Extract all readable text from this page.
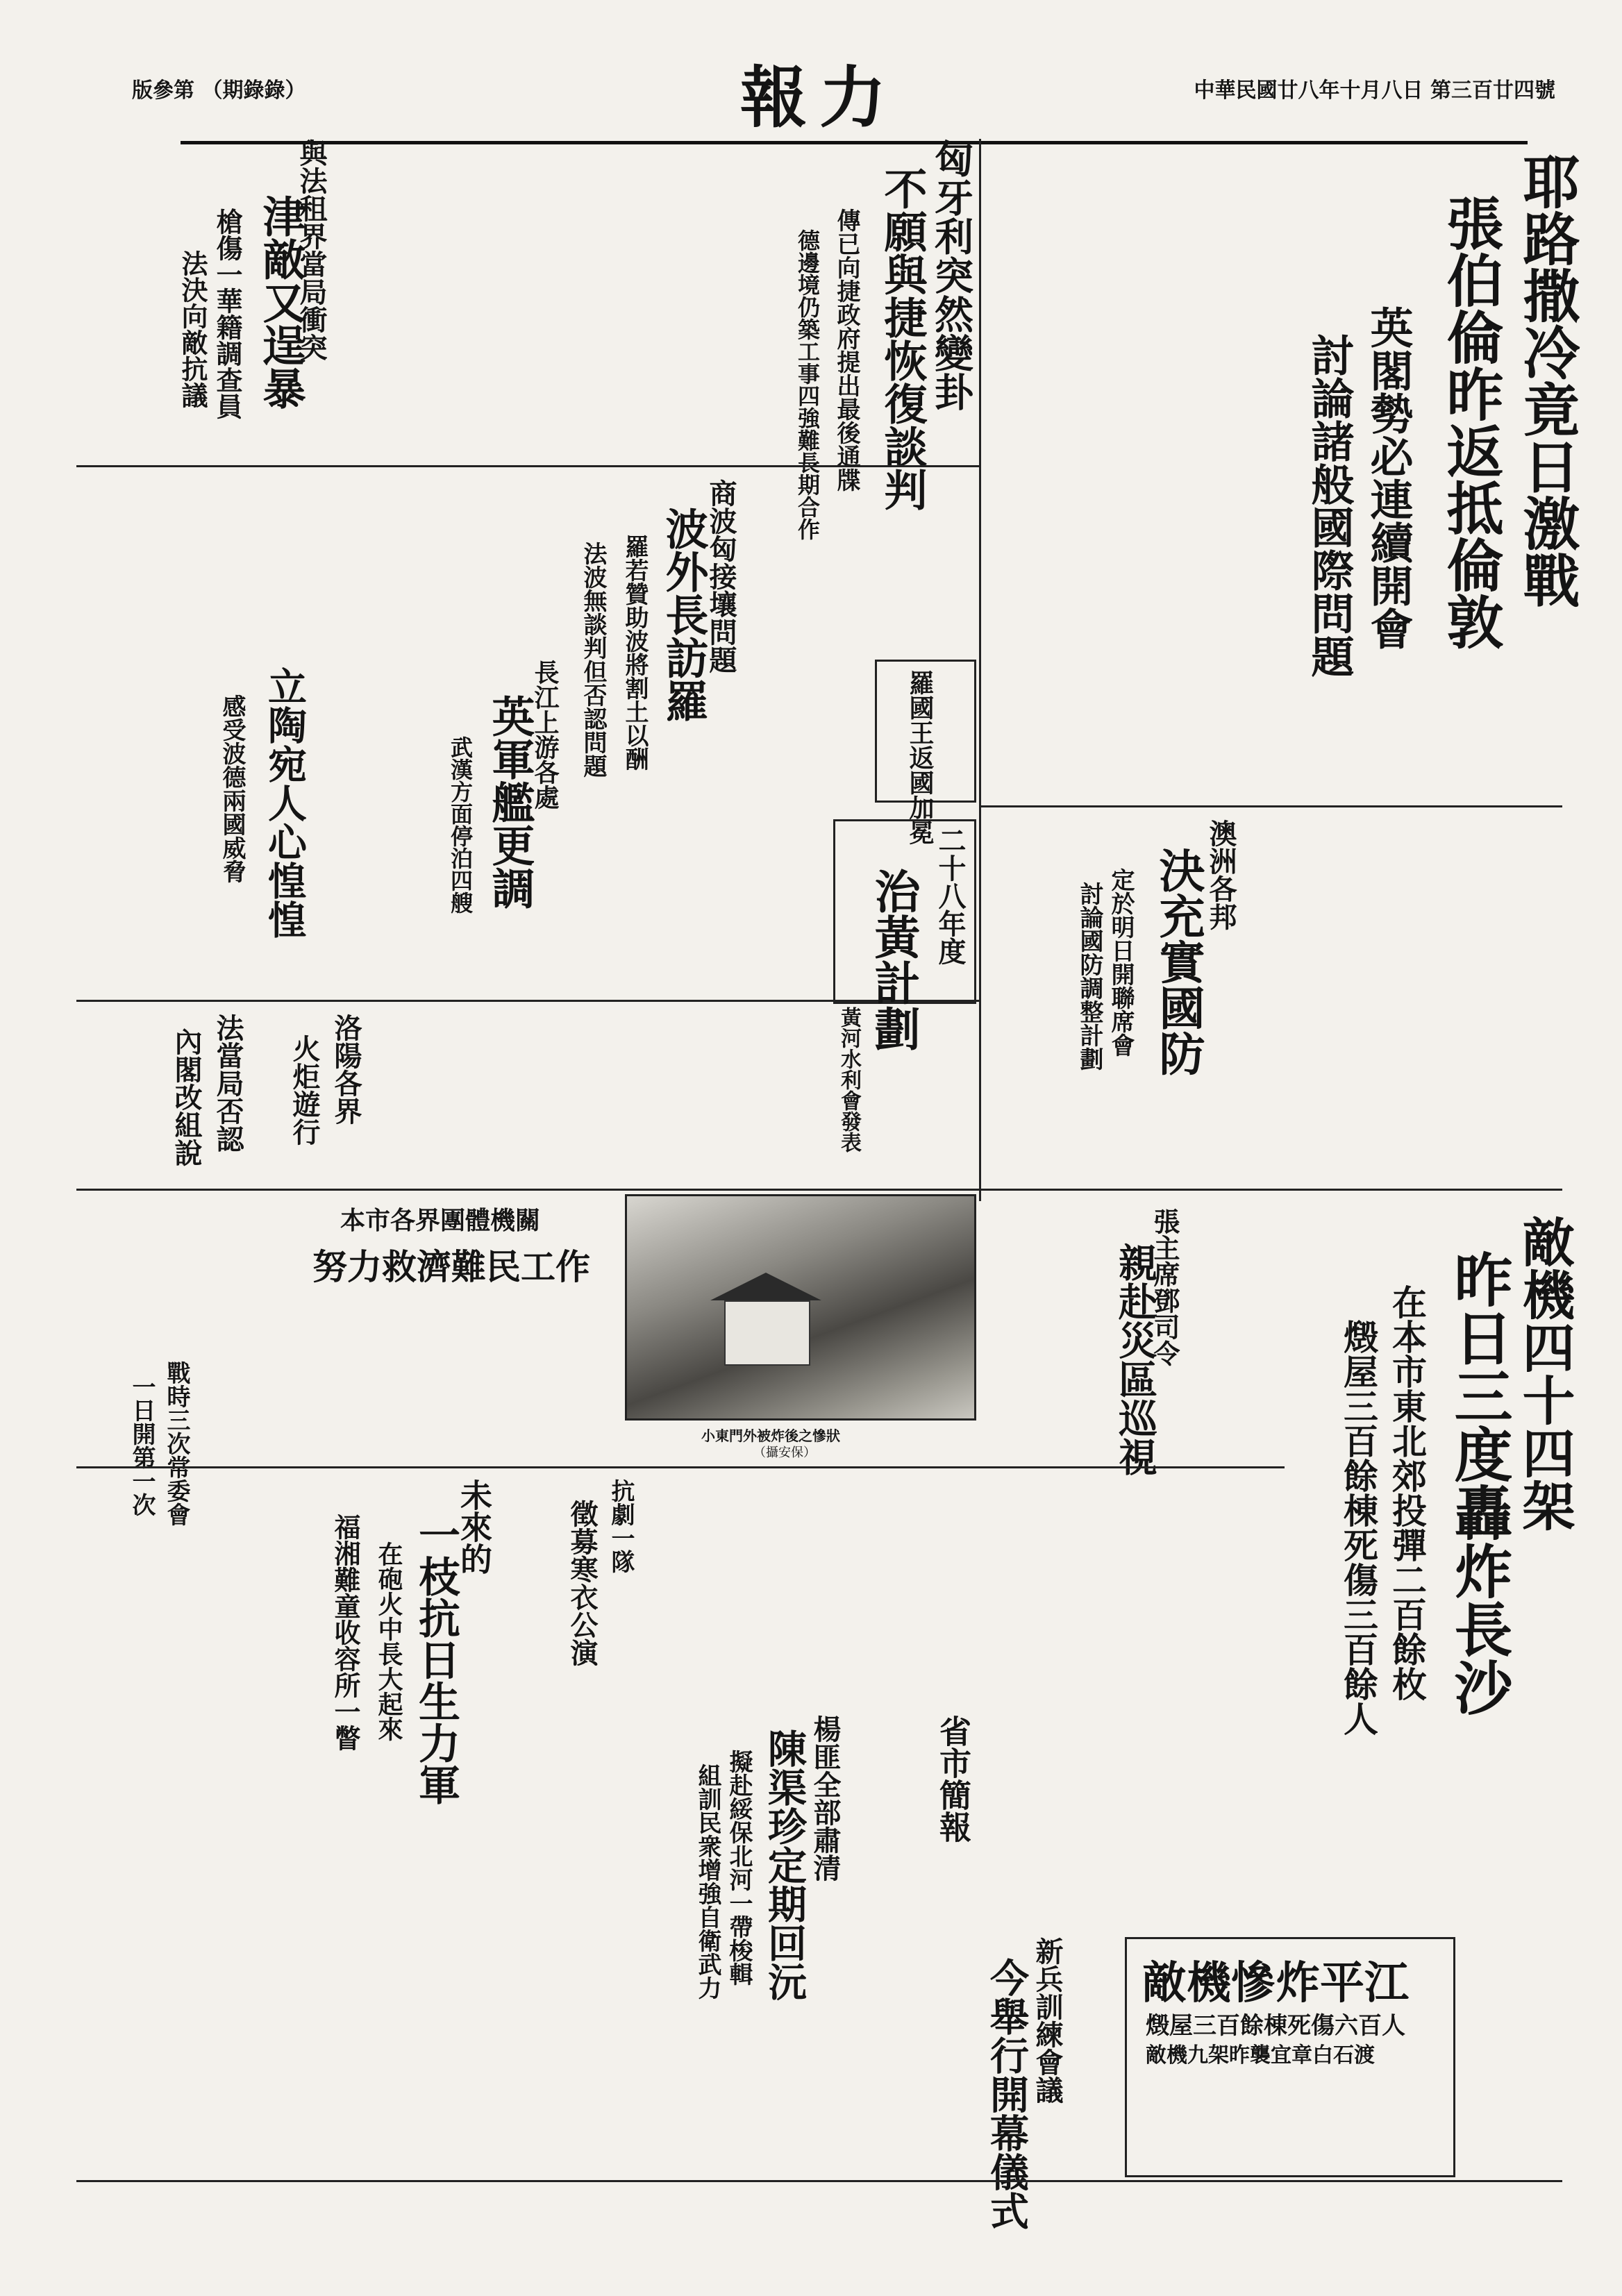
版參第 （期錄錄）	報力	中華民國廿八年十月八日 第三百廿四號
耶路撒冷竟日激戰
張伯倫昨返抵倫敦
英閣勢必連續開會
討論諸般國際問題
匈牙利突然變卦
不願與捷恢復談判
傳已向捷政府提出最後通牒
德邊境仍築工事四強難長期合作
與法租界當局衝突
津敵又逞暴
槍傷一華籍調查員
法決向敵抗議
商波匈接壤問題
波外長訪羅
羅若贊助波將割土以酬
法波無談判但否認問題	羅國王返國加冕
長江上游各處
英軍艦更調
武漢方面停泊四艘
立陶宛人心惶惶
感受波德兩國威脅	澳洲各邦
決充實國防
定於明日開聯席會
討論國防調整計劃
二十八年度
治黃計劃
黃河水利會發表
洛陽各界
火炬遊行
法當局否認
內閣改組說
本市各界團體機關
努力救濟難民工作
小東門外被炸後之慘狀
（攝安保）
張主席鄧司令
親赴災區巡視	敵機四十四架
昨日三度轟炸長沙
在本市東北郊投彈二百餘枚
燬屋三百餘棟死傷三百餘人
戰時三次常委會
一日開第一次
未來的
一枝抗日生力軍
在砲火中長大起來
福湘難童收容所一瞥	抗劇一隊
徵募寒衣公演
楊匪全部肅清
陳渠珍定期回沅
擬赴綏保北河一帶梭輯
組訓民衆增強自衛武力	省市簡報
新兵訓練會議
今舉行開幕儀式	敵機慘炸平江
燬屋三百餘棟死傷六百人
敵機九架昨襲宜章白石渡
